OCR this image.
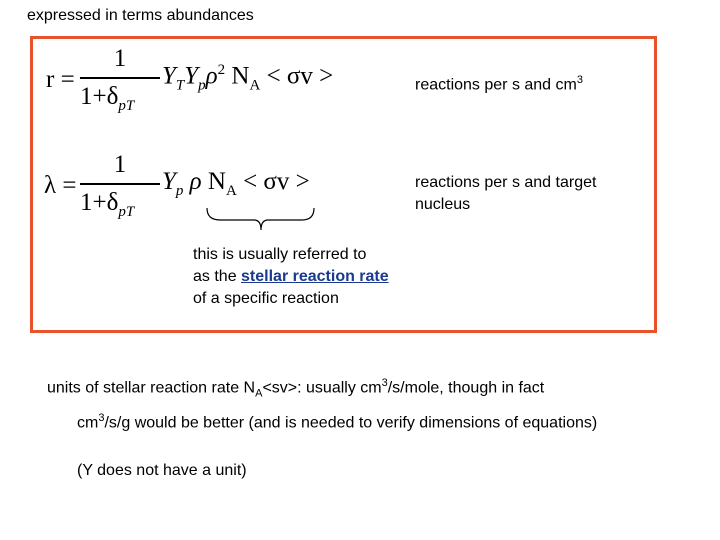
expressed in terms abundances
r =
1
$1+\delta_{pT}$
$Y_TY_p\rho^2$ $N_A < \sigma v$ >	reactions per s and $cm^3$
λ =
1
$1+\delta_{pT}$
$Y_p$ ρ $N_A < \sigma v$ >	reactions per s and target
nucleus
this is usually referred to
as the stellar reaction rate
of a specific reaction
units of stellar reaction rate $N_A<sv>$: usually $cm^3/s$/mole, though in fact
$cm^3/s/g$ would be better (and is needed to verify dimensions of equations)
(Y does not have a unit)
